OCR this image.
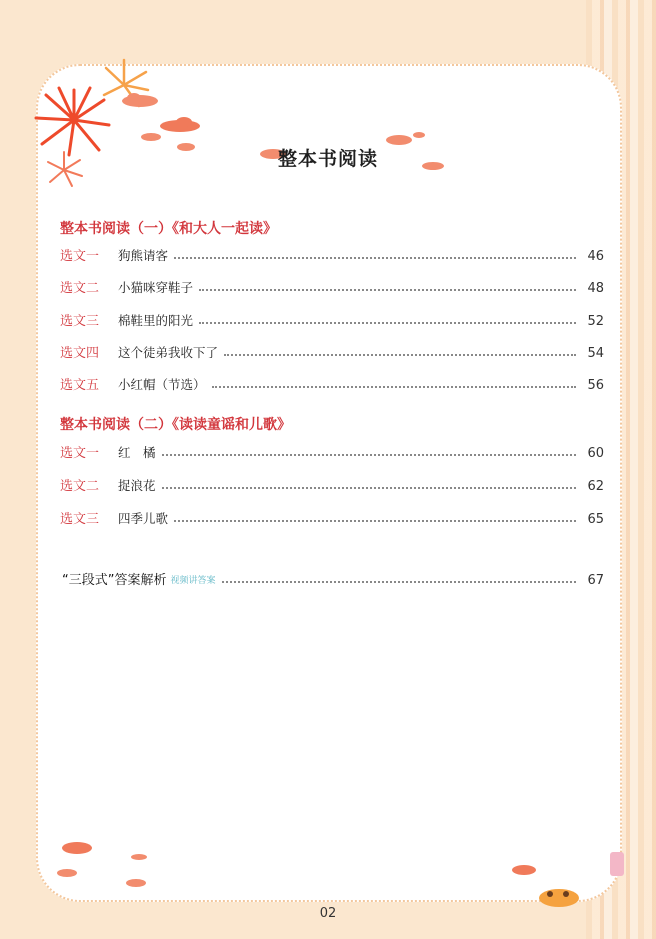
整本书阅读
整本书阅读（一）《和大人一起读》
选文一	狗熊请客	46
选文二	小猫咪穿鞋子	48
选文三	棉鞋里的阳光	52
选文四	这个徒弟我收下了	54
选文五	小红帽（节选）	56
整本书阅读（二）《读读童谣和儿歌》
选文一	红　橘	60
选文二	捉浪花	62
选文三	四季儿歌	65
“三段式”答案解析 视频讲答案	67
02
